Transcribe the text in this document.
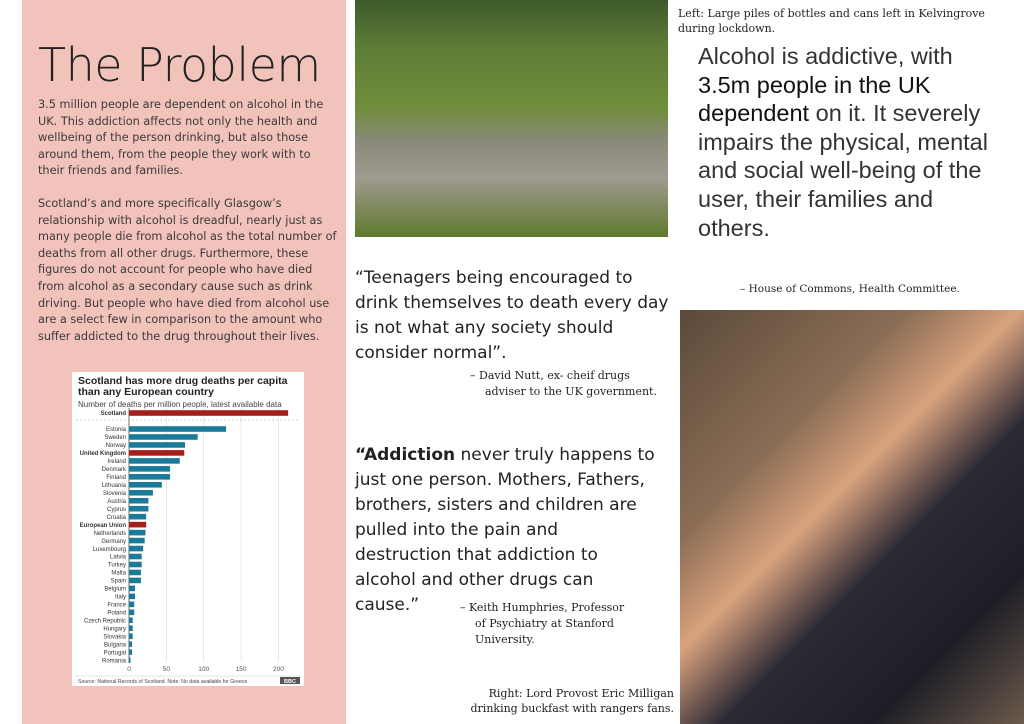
The Problem

3.5 million people are dependent on alcohol in the UK. This addiction affects not only the health and wellbeing of the person drinking, but also those around them, from the people they work with to their friends and families.

Scotland’s and more specifically Glasgow’s relationship with alcohol is dreadful, nearly just as many people die from alcohol as the total number of deaths from all other drugs. Furthermore, these figures do not account for people who have died from alcohol as a secondary cause such as drink driving. But people who have died from alcohol use are a select few in comparison to the amount who suffer addicted to the drug throughout their lives.

Scotland has more drug deaths per capita
than any European country
Number of deaths per million people, latest available data
0	50	100	150	200
Scotland
Estonia
Sweden
Norway
United Kingdom
Ireland
Denmark
Finland
Lithuania
Slovenia
Austria
Cyprus
Croatia
European Union
Netherlands
Germany
Luxembourg
Latvia
Turkey
Malta
Spain
Belgium
Italy
France
Poland
Czech Republic
Hungary
Slovakia
Bulgaria
Portugal
Romania
Source: National Records of Scotland. Note: No data available for Greece	BBC
Left: Large piles of bottles and cans left in Kelvingrove during lockdown.
Alcohol is addictive, with 3.5m people in the UK dependent on it. It severely impairs the physical, mental and social well-being of the user, their families and others.
– House of Commons, Health Committee.
“Teenagers being encouraged to drink themselves to death every day is not what any society should consider normal”.
– David Nutt, ex- cheif drugs
adviser to the UK government.
“Addiction never truly happens to just one person. Mothers, Fathers, brothers, sisters and children are pulled into the pain and destruction that addiction to alcohol and other drugs can cause.”	– Keith Humphries, Professor
of Psychiatry at Stanford
University.
Right: Lord Provost Eric Milligan drinking buckfast with rangers fans.
